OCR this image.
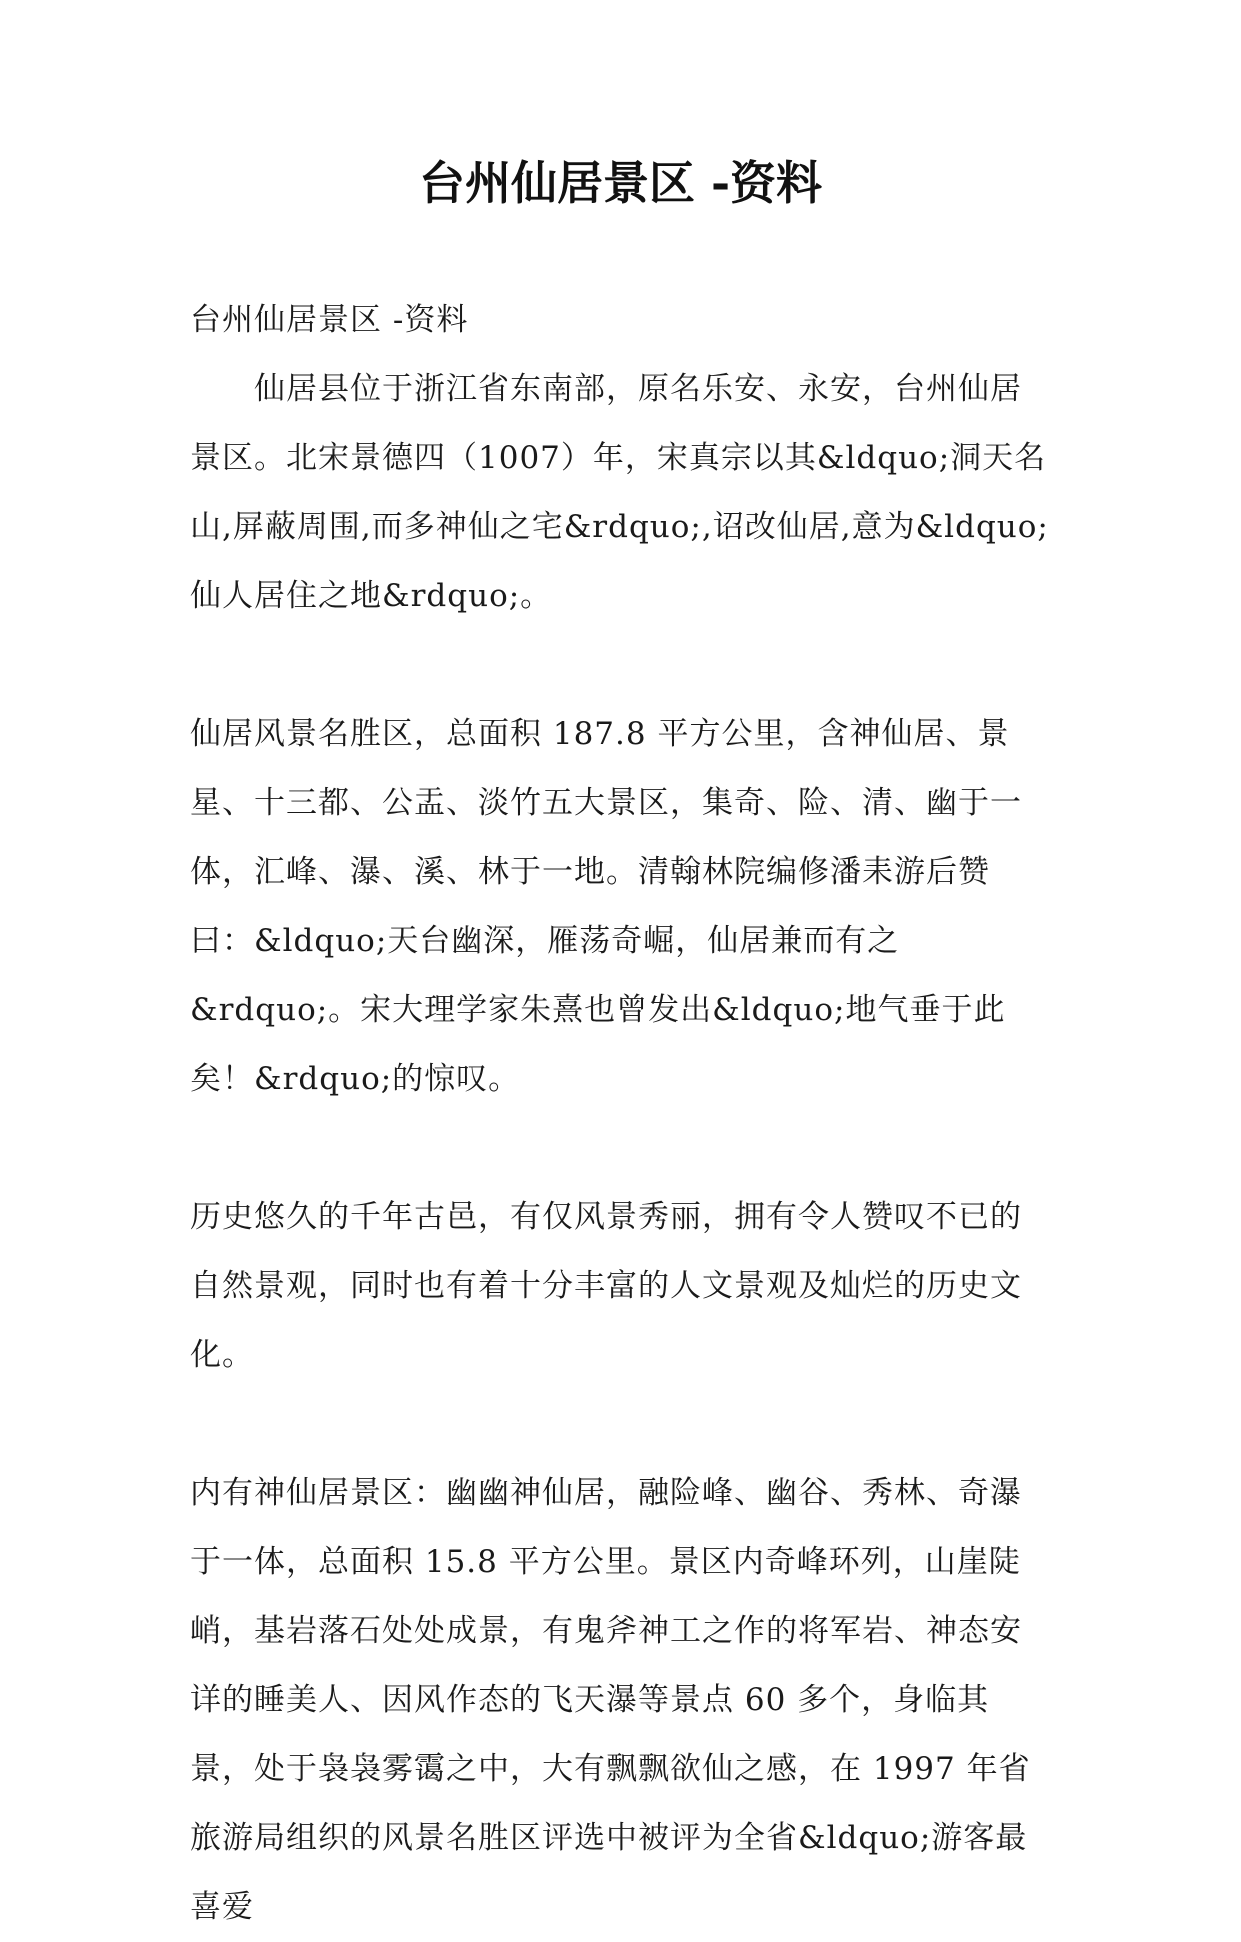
台州仙居景区 -资料

台州仙居景区 -资料

仙居县位于浙江省东南部，原名乐安、永安，台州仙居景区。北宋景德四（1007）年，宋真宗以其&ldquo;洞天名山,屏蔽周围,而多神仙之宅&rdquo;,诏改仙居,意为&ldquo;仙人居住之地&rdquo;。

仙居风景名胜区，总面积 187.8 平方公里，含神仙居、景星、十三都、公盂、淡竹五大景区，集奇、险、清、幽于一体，汇峰、瀑、溪、林于一地。清翰林院编修潘耒游后赞曰：&ldquo;天台幽深，雁荡奇崛，仙居兼而有之&rdquo;。宋大理学家朱熹也曾发出&ldquo;地气垂于此矣！&rdquo;的惊叹。

历史悠久的千年古邑，有仅风景秀丽，拥有令人赞叹不已的自然景观，同时也有着十分丰富的人文景观及灿烂的历史文化。

内有神仙居景区：幽幽神仙居，融险峰、幽谷、秀林、奇瀑于一体，总面积 15.8 平方公里。景区内奇峰环列，山崖陡峭，基岩落石处处成景，有鬼斧神工之作的将军岩、神态安详的睡美人、因风作态的飞天瀑等景点 60 多个，身临其景，处于袅袅雾霭之中，大有飘飘欲仙之感，在 1997 年省旅游局组织的风景名胜区评选中被评为全省&ldquo;游客最喜爱
